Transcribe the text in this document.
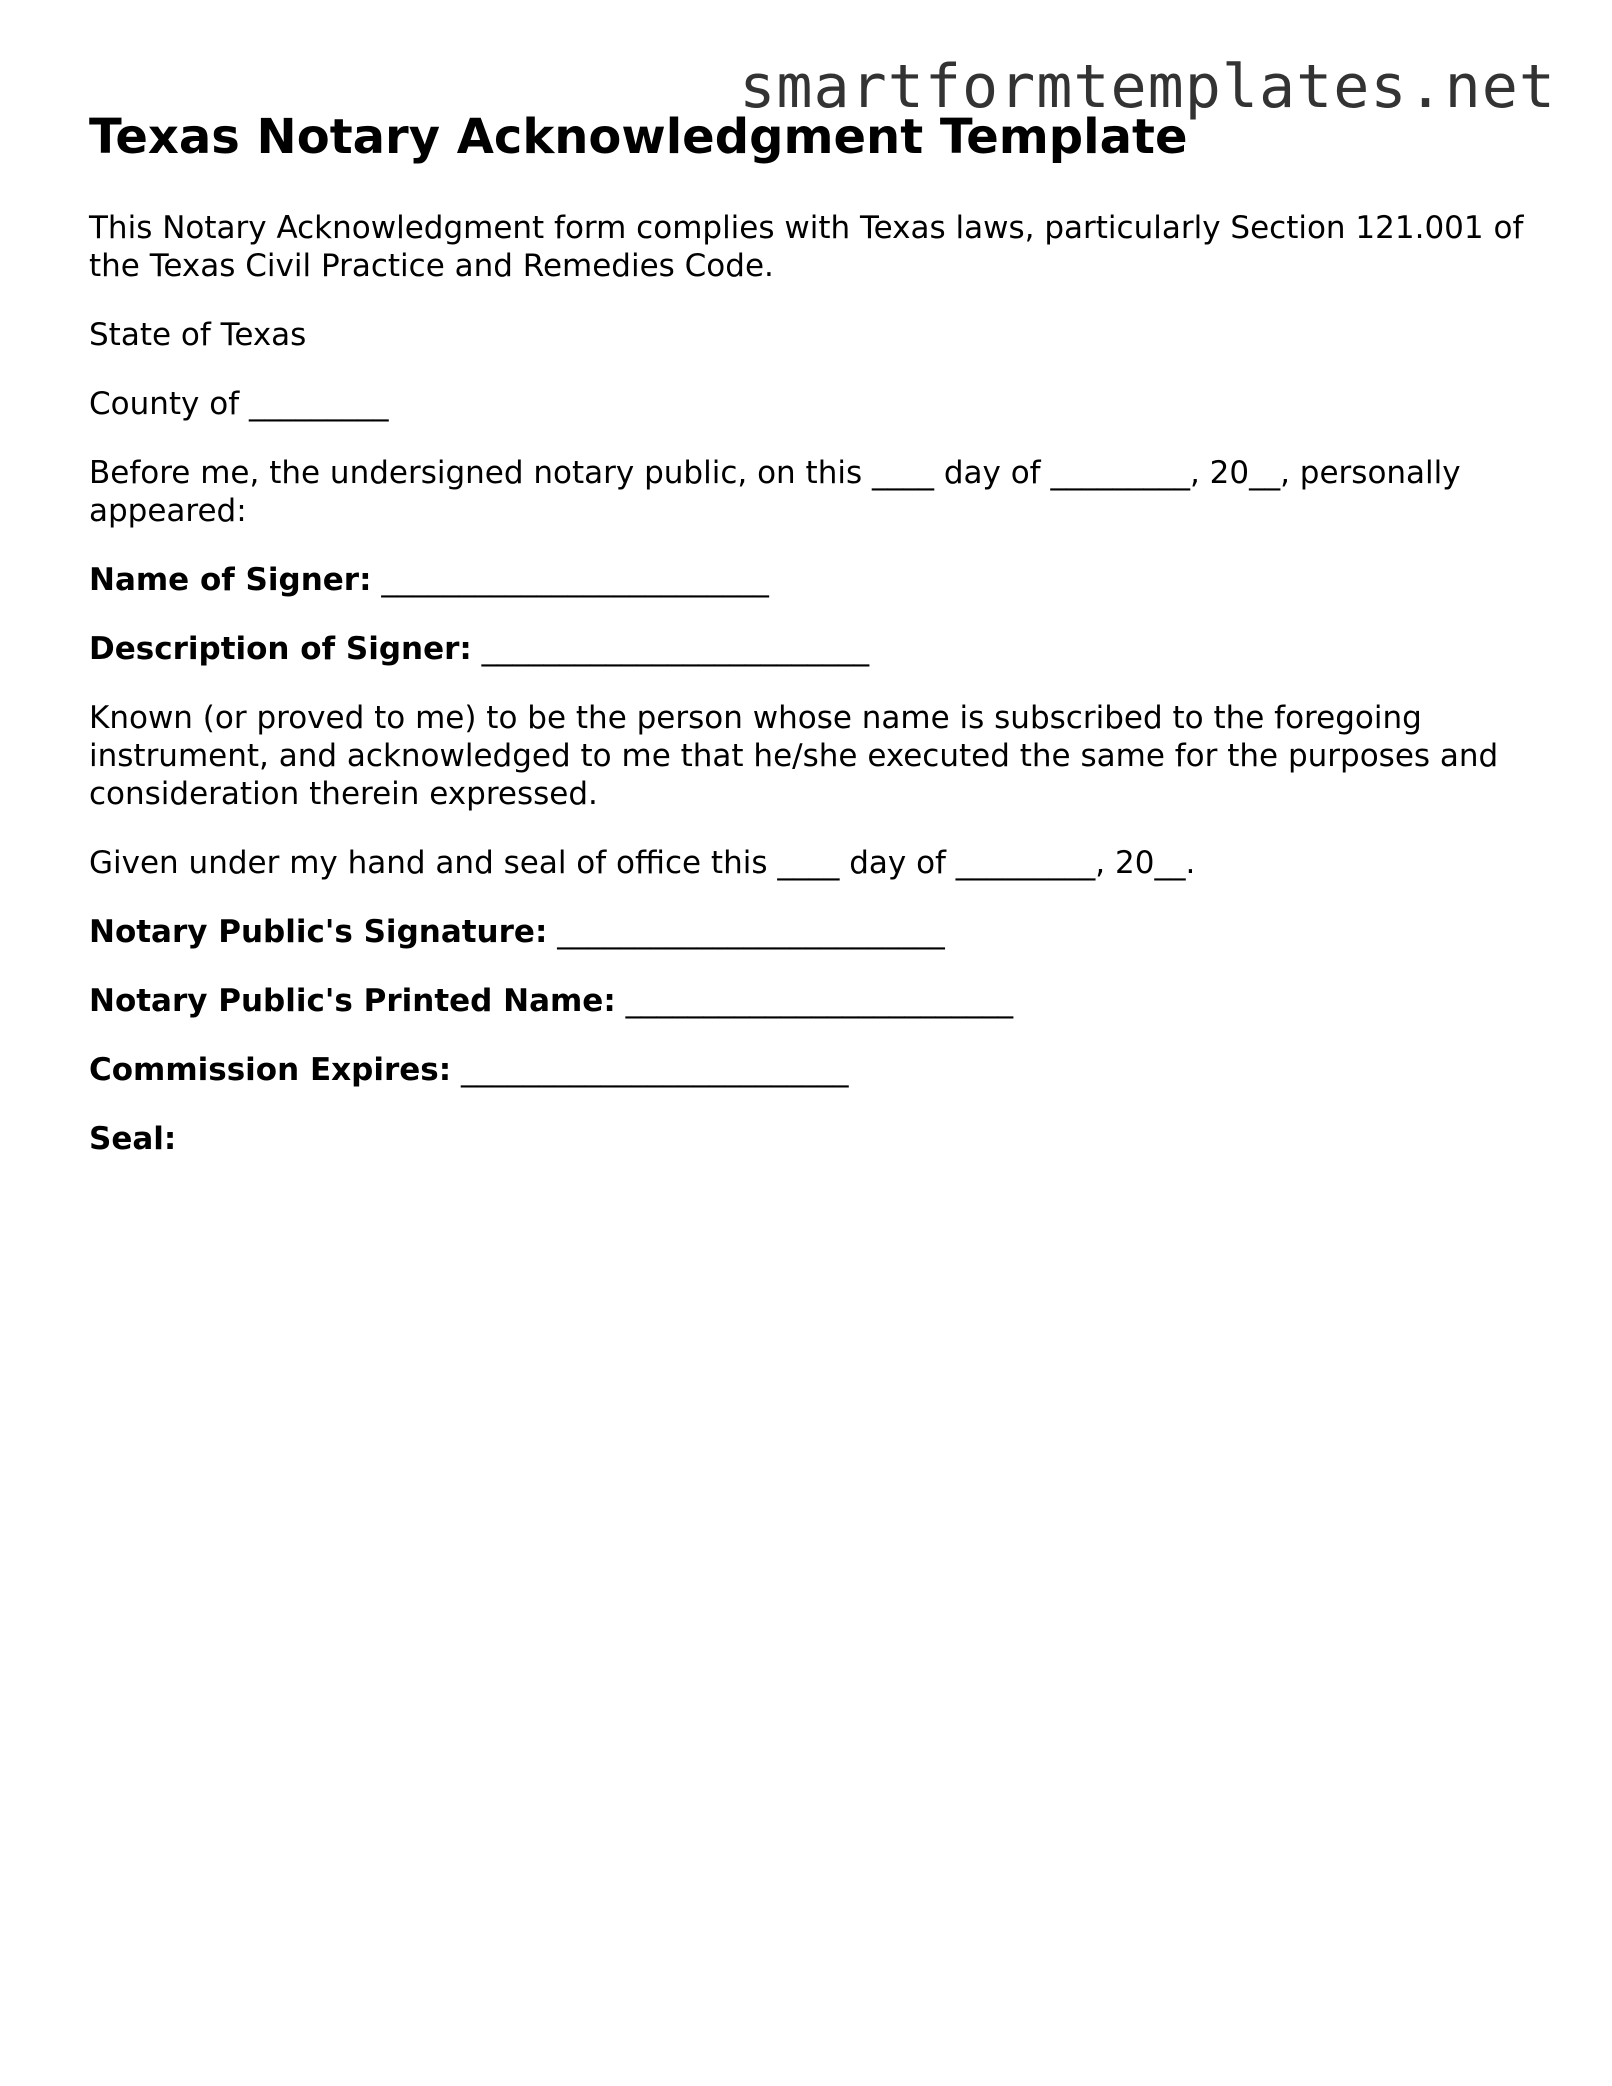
smartformtemplates.net
Texas Notary Acknowledgment Template

This Notary Acknowledgment form complies with Texas laws, particularly Section 121.001 of the Texas Civil Practice and Remedies Code.

State of Texas

County of _________

Before me, the undersigned notary public, on this ____ day of _________, 20__, personally appeared:

Name of Signer: _________________________

Description of Signer: _________________________

Known (or proved to me) to be the person whose name is subscribed to the foregoing instrument, and acknowledged to me that he/she executed the same for the purposes and consideration therein expressed.

Given under my hand and seal of office this ____ day of _________, 20__.

Notary Public's Signature: _________________________

Notary Public's Printed Name: _________________________

Commission Expires: _________________________

Seal:
